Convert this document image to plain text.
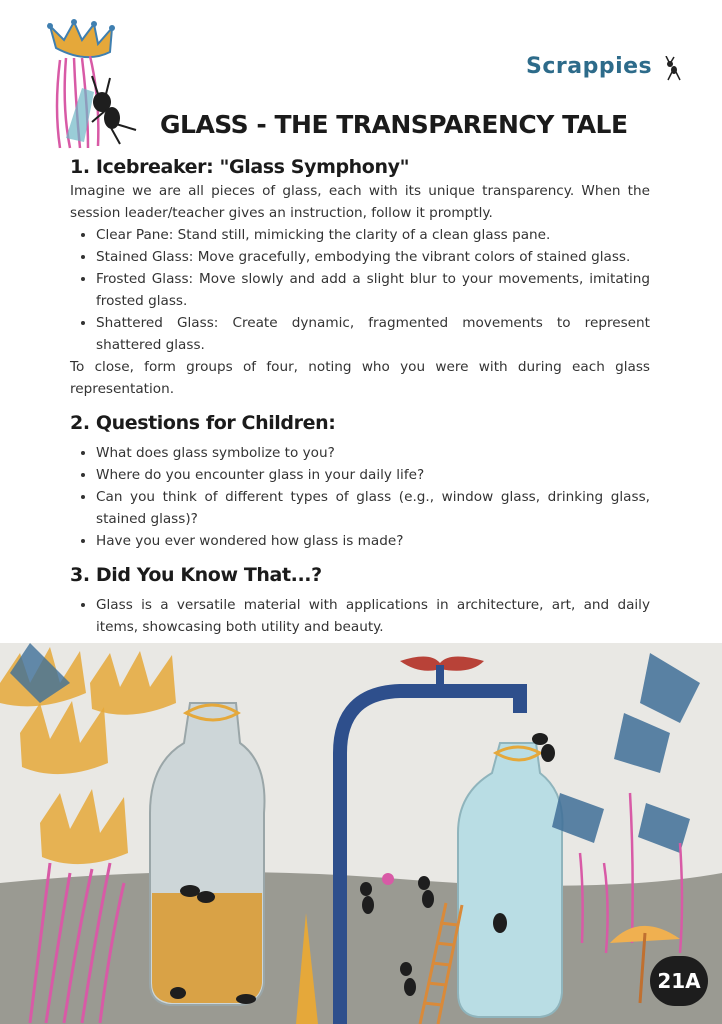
Scrappies
GLASS - THE TRANSPARENCY TALE
1. Icebreaker: "Glass Symphony"

Imagine we are all pieces of glass, each with its unique transparency. When the session leader/teacher gives an instruction, follow it promptly.

• Clear Pane: Stand still, mimicking the clarity of a clean glass pane.
• Stained Glass: Move gracefully, embodying the vibrant colors of stained glass.
• Frosted Glass: Move slowly and add a slight blur to your movements, imitating frosted glass.
• Shattered Glass: Create dynamic, fragmented movements to represent shattered glass.

To close, form groups of four, noting who you were with during each glass representation.

2. Questions for Children:
• What does glass symbolize to you?
• Where do you encounter glass in your daily life?
• Can you think of different types of glass (e.g., window glass, drinking glass, stained glass)?
• Have you ever wondered how glass is made?
3. Did You Know That...?
• Glass is a versatile material with applications in architecture, art, and daily items, showcasing both utility and beauty.
21A
